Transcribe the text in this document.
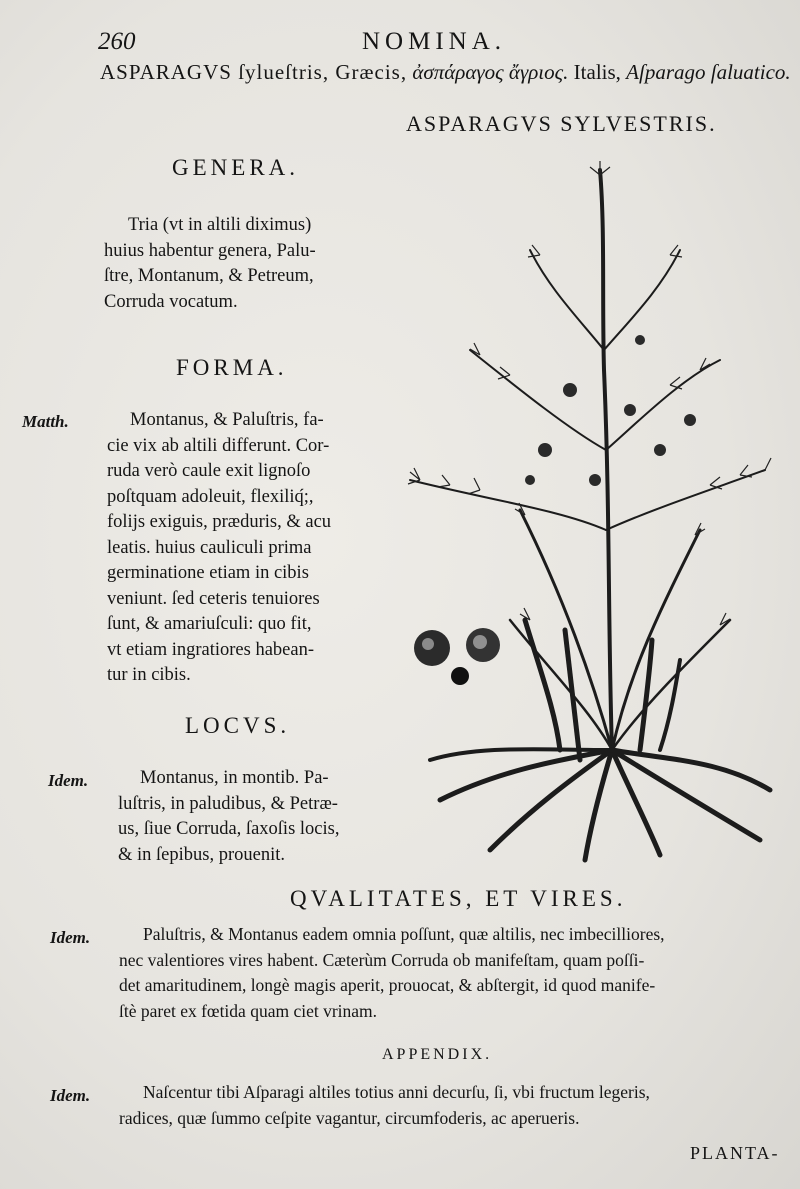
260	NOMINA.
ASPARAGVS ſylueſtris, Græcis, ἀσπάραγος ἄγριος. Italis, Aſparago ſaluatico.
ASPARAGVS SYLVESTRIS.
GENERA.
Tria (vt in altili diximus)
huius habentur genera, Palu-
ſtre, Montanum, & Petreum,
Corruda vocatum.
FORMA.
Matth.	Montanus, & Paluſtris, fa-
cie vix ab altili differunt. Cor-
ruda verò caule exit lignoſo
poſtquam adoleuit, flexiliq́;,
folijs exiguis, præduris, & acu
leatis. huius cauliculi prima
germinatione etiam in cibis
veniunt. ſed ceteris tenuiores
ſunt, & amariuſculi: quo fit,
vt etiam ingratiores habean-
tur in cibis.
LOCVS.
Idem.	Montanus, in montib. Pa-
luſtris, in paludibus, & Petræ-
us, ſiue Corruda, ſaxoſis locis,
& in ſepibus, prouenit.
QVALITATES, ET VIRES.
Idem.	Paluſtris, & Montanus eadem omnia poſſunt, quæ altilis, nec imbecilliores,
nec valentiores vires habent. Cæterùm Corruda ob manifeſtam, quam poſſi-
det amaritudinem, longè magis aperit, prouocat, & abſtergit, id quod manife-
ſtè paret ex fœtida quam ciet vrinam.
APPENDIX.
Idem.	Naſcentur tibi Aſparagi altiles totius anni decurſu, ſi, vbi fructum legeris,
radices, quæ ſummo ceſpite vagantur, circumfoderis, ac aperueris.
PLANTA-
